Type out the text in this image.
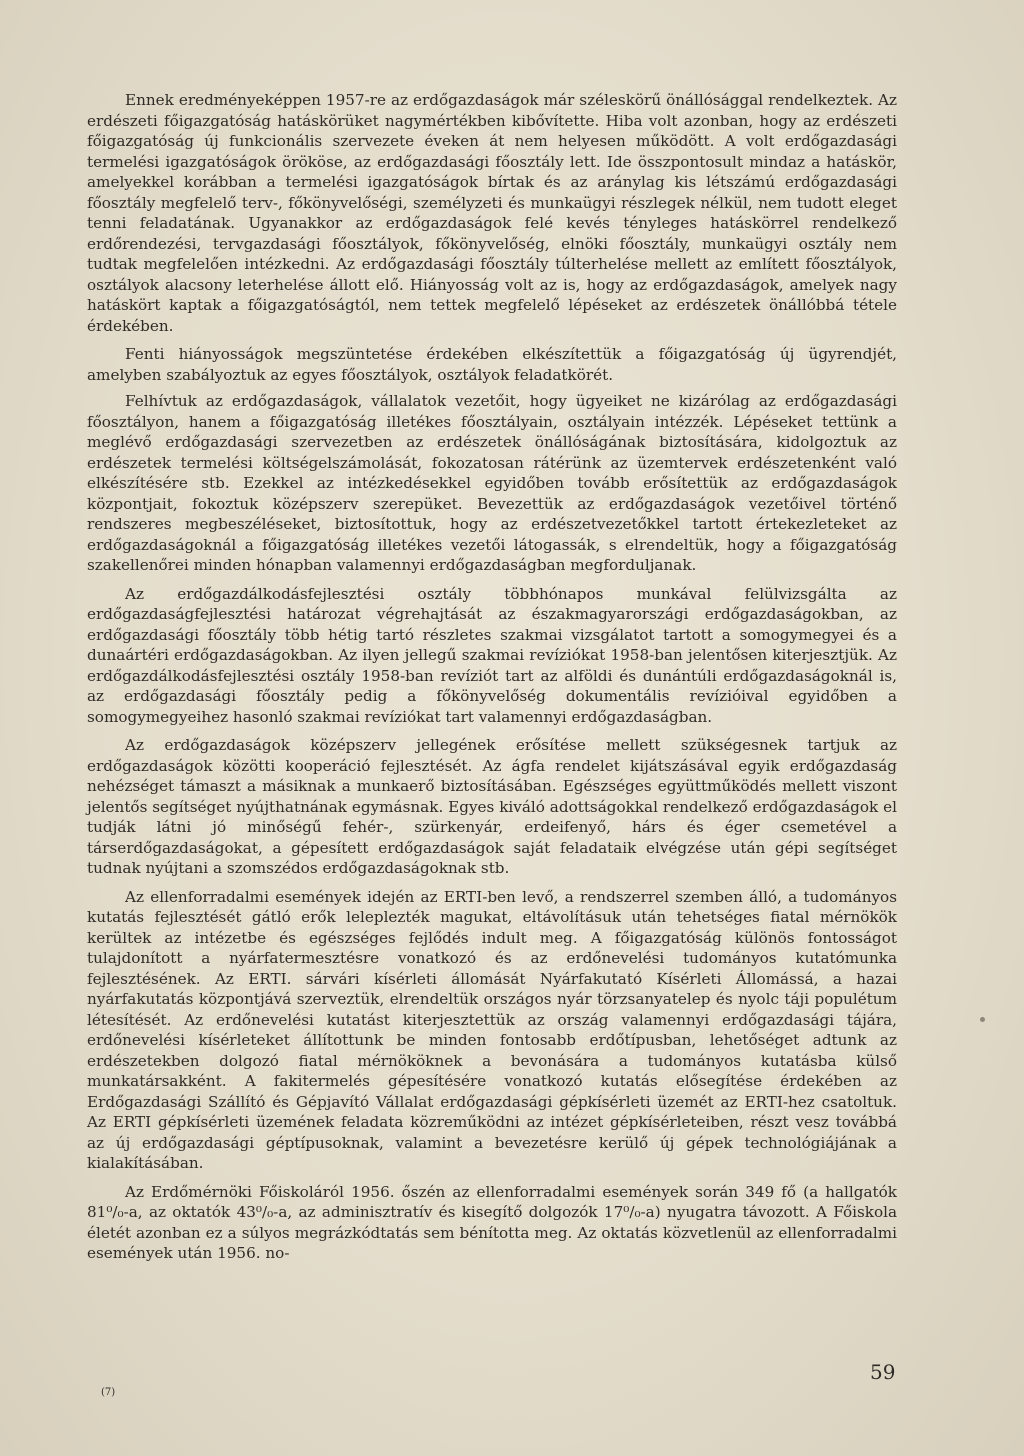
Ennek eredményeképpen 1957-re az erdőgazdaságok már széleskörű önállósággal rendelkeztek. Az erdészeti főigazgatóság hatáskörüket nagymértékben kibővítette. Hiba volt azonban, hogy az erdészeti főigazgatóság új funkcionális szervezete éveken át nem helyesen működött. A volt erdőgazdasági termelési igazgatóságok örököse, az erdőgazdasági főosztály lett. Ide összpontosult mindaz a hatáskör, amelyekkel korábban a termelési igazgatóságok bírtak és az aránylag kis létszámú erdőgazdasági főosztály megfelelő terv-, főkönyvelőségi, személyzeti és munkaügyi részlegek nélkül, nem tudott eleget tenni feladatának. Ugyanakkor az erdőgazdaságok felé kevés tényleges hatáskörrel rendelkező erdőrendezési, tervgazdasági főosztályok, főkönyvelőség, elnöki főosztály, munkaügyi osztály nem tudtak megfelelően intézkedni. Az erdőgazdasági főosztály túlterhelése mellett az említett főosztályok, osztályok alacsony leterhelése állott elő. Hiányosság volt az is, hogy az erdőgazdaságok, amelyek nagy hatáskört kaptak a főigazgatóságtól, nem tettek megfelelő lépéseket az erdészetek önállóbbá tétele érdekében.

Fenti hiányosságok megszüntetése érdekében elkészítettük a főigazgatóság új ügyrendjét, amelyben szabályoztuk az egyes főosztályok, osztályok feladatkörét.

Felhívtuk az erdőgazdaságok, vállalatok vezetőit, hogy ügyeiket ne kizárólag az erdőgazdasági főosztályon, hanem a főigazgatóság illetékes főosztályain, osztályain intézzék. Lépéseket tettünk a meglévő erdőgazdasági szervezetben az erdészetek önállóságának biztosítására, kidolgoztuk az erdészetek termelési költségelszámolását, fokozatosan rátérünk az üzemtervek erdészetenként való elkészítésére stb. Ezekkel az intézkedésekkel egyidőben tovább erősítettük az erdőgazdaságok központjait, fokoztuk középszerv szerepüket. Bevezettük az erdőgazdaságok vezetőivel történő rendszeres megbeszéléseket, biztosítottuk, hogy az erdészetvezetőkkel tartott értekezleteket az erdőgazdaságoknál a főigazgatóság illetékes vezetői látogassák, s elrendeltük, hogy a főigazgatóság szakellenőrei minden hónapban valamennyi erdőgazdaságban megforduljanak.

Az erdőgazdálkodásfejlesztési osztály többhónapos munkával felülvizsgálta az erdőgazdaságfejlesztési határozat végrehajtását az északmagyarországi erdőgazdaságokban, az erdőgazdasági főosztály több hétig tartó részletes szakmai vizsgálatot tartott a somogymegyei és a dunaártéri erdőgazdaságokban. Az ilyen jellegű szakmai revíziókat 1958-ban jelentősen kiterjesztjük. Az erdőgazdálkodásfejlesztési osztály 1958-ban revíziót tart az alföldi és dunántúli erdőgazdaságoknál is, az erdőgazdasági főosztály pedig a főkönyvelőség dokumentális revízióival egyidőben a somogymegyeihez hasonló szakmai revíziókat tart valamennyi erdőgazdaságban.

Az erdőgazdaságok középszerv jellegének erősítése mellett szükségesnek tartjuk az erdőgazdaságok közötti kooperáció fejlesztését. Az ágfa rendelet kijátszásával egyik erdőgazdaság nehézséget támaszt a másiknak a munkaerő biztosításában. Egészséges együttműködés mellett viszont jelentős segítséget nyújthatnának egymásnak. Egyes kiváló adottságokkal rendelkező erdőgazdaságok el tudják látni jó minőségű fehér-, szürkenyár, erdeifenyő, hárs és éger csemetével a társerdőgazdaságokat, a gépesített erdőgazdaságok saját feladataik elvégzése után gépi segítséget tudnak nyújtani a szomszédos erdőgazdaságoknak stb.

Az ellenforradalmi események idején az ERTI-ben levő, a rendszerrel szemben álló, a tudományos kutatás fejlesztését gátló erők leleplezték magukat, eltávolításuk után tehetséges fiatal mérnökök kerültek az intézetbe és egészséges fejlődés indult meg. A főigazgatóság különös fontosságot tulajdonított a nyárfatermesztésre vonatkozó és az erdőnevelési tudományos kutatómunka fejlesztésének. Az ERTI. sárvári kísérleti állomását Nyárfakutató Kísérleti Állomássá, a hazai nyárfakutatás központjává szerveztük, elrendeltük országos nyár törzsanyatelep és nyolc táji populétum létesítését. Az erdőnevelési kutatást kiterjesztettük az ország valamennyi erdőgazdasági tájára, erdőnevelési kísérleteket állítottunk be minden fontosabb erdőtípusban, lehetőséget adtunk az erdészetekben dolgozó fiatal mérnököknek a bevonására a tudományos kutatásba külső munkatársakként. A fakitermelés gépesítésére vonatkozó kutatás elősegítése érdekében az Erdőgazdasági Szállító és Gépjavító Vállalat erdőgazdasági gépkísérleti üzemét az ERTI-hez csatoltuk. Az ERTI gépkísérleti üzemének feladata közreműködni az intézet gépkísérleteiben, részt vesz továbbá az új erdőgazdasági géptípusoknak, valamint a bevezetésre kerülő új gépek technológiájának a kialakításában.

Az Erdőmérnöki Főiskoláról 1956. őszén az ellenforradalmi események során 349 fő (a hallgatók 81⁰/₀-a, az oktatók 43⁰/₀-a, az adminisztratív és kisegítő dolgozók 17⁰/₀-a) nyugatra távozott. A Főiskola életét azonban ez a súlyos megrázkódtatás sem bénította meg. Az oktatás közvetlenül az ellenforradalmi események után 1956. no-

59
(7)
